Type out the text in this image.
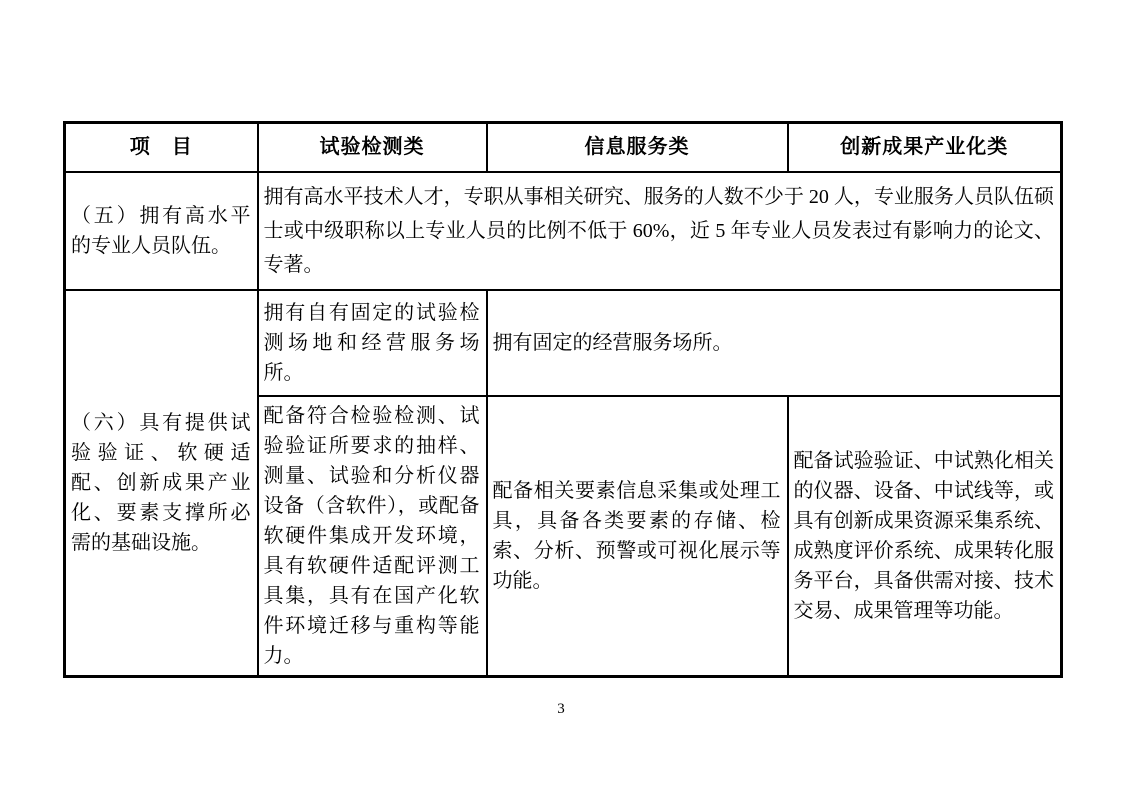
项　目	试验检测类	信息服务类	创新成果产业化类
（五）拥有高水平的专业人员队伍。	拥有高水平技术人才，专职从事相关研究、服务的人数不少于 20 人，专业服务人员队伍硕士或中级职称以上专业人员的比例不低于 60%，近 5 年专业人员发表过有影响力的论文、专著。		
（六）具有提供试验验证、软硬适配、创新成果产业化、要素支撑所必需的基础设施。	拥有自有固定的试验检测场地和经营服务场所。	拥有固定的经营服务场所。	
	配备符合检验检测、试验验证所要求的抽样、测量、试验和分析仪器设备（含软件），或配备软硬件集成开发环境，具有软硬件适配评测工具集，具有在国产化软件环境迁移与重构等能力。	配备相关要素信息采集或处理工具，具备各类要素的存储、检索、分析、预警或可视化展示等功能。	配备试验验证、中试熟化相关的仪器、设备、中试线等，或具有创新成果资源采集系统、成熟度评价系统、成果转化服务平台，具备供需对接、技术交易、成果管理等功能。
3
